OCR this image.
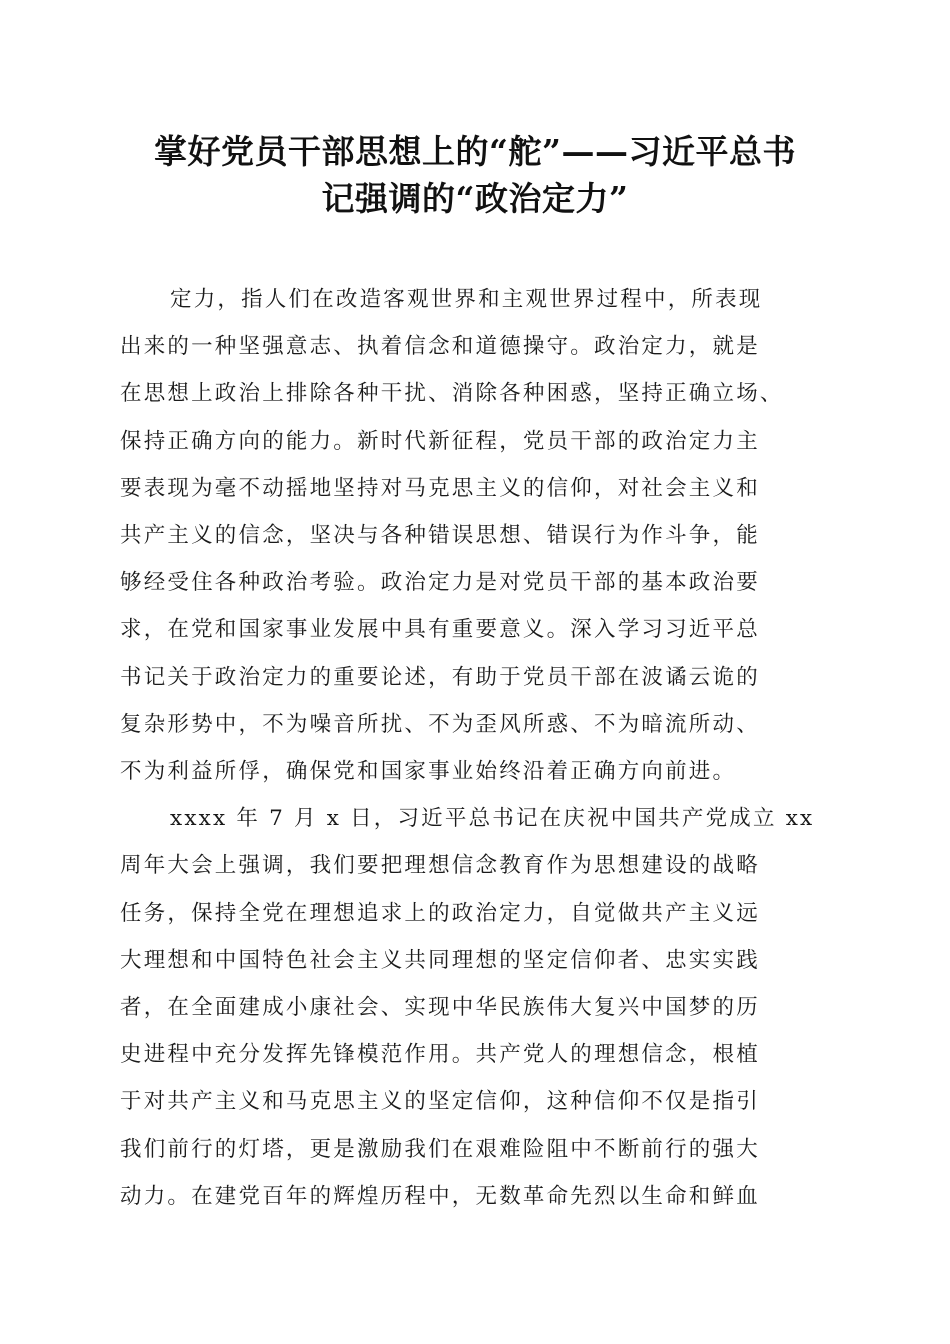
掌好党员干部思想上的“舵”——习近平总书
记强调的“政治定力”

定力，指人们在改造客观世界和主观世界过程中，所表现
出来的一种坚强意志、执着信念和道德操守。政治定力，就是
在思想上政治上排除各种干扰、消除各种困惑，坚持正确立场、
保持正确方向的能力。新时代新征程，党员干部的政治定力主
要表现为毫不动摇地坚持对马克思主义的信仰，对社会主义和
共产主义的信念，坚决与各种错误思想、错误行为作斗争，能
够经受住各种政治考验。政治定力是对党员干部的基本政治要
求，在党和国家事业发展中具有重要意义。深入学习习近平总
书记关于政治定力的重要论述，有助于党员干部在波谲云诡的
复杂形势中，不为噪音所扰、不为歪风所惑、不为暗流所动、
不为利益所俘，确保党和国家事业始终沿着正确方向前进。

xxxx 年 7 月 x 日，习近平总书记在庆祝中国共产党成立 xx
周年大会上强调，我们要把理想信念教育作为思想建设的战略
任务，保持全党在理想追求上的政治定力，自觉做共产主义远
大理想和中国特色社会主义共同理想的坚定信仰者、忠实实践
者，在全面建成小康社会、实现中华民族伟大复兴中国梦的历
史进程中充分发挥先锋模范作用。共产党人的理想信念，根植
于对共产主义和马克思主义的坚定信仰，这种信仰不仅是指引
我们前行的灯塔，更是激励我们在艰难险阻中不断前行的强大
动力。在建党百年的辉煌历程中，无数革命先烈以生命和鲜血
